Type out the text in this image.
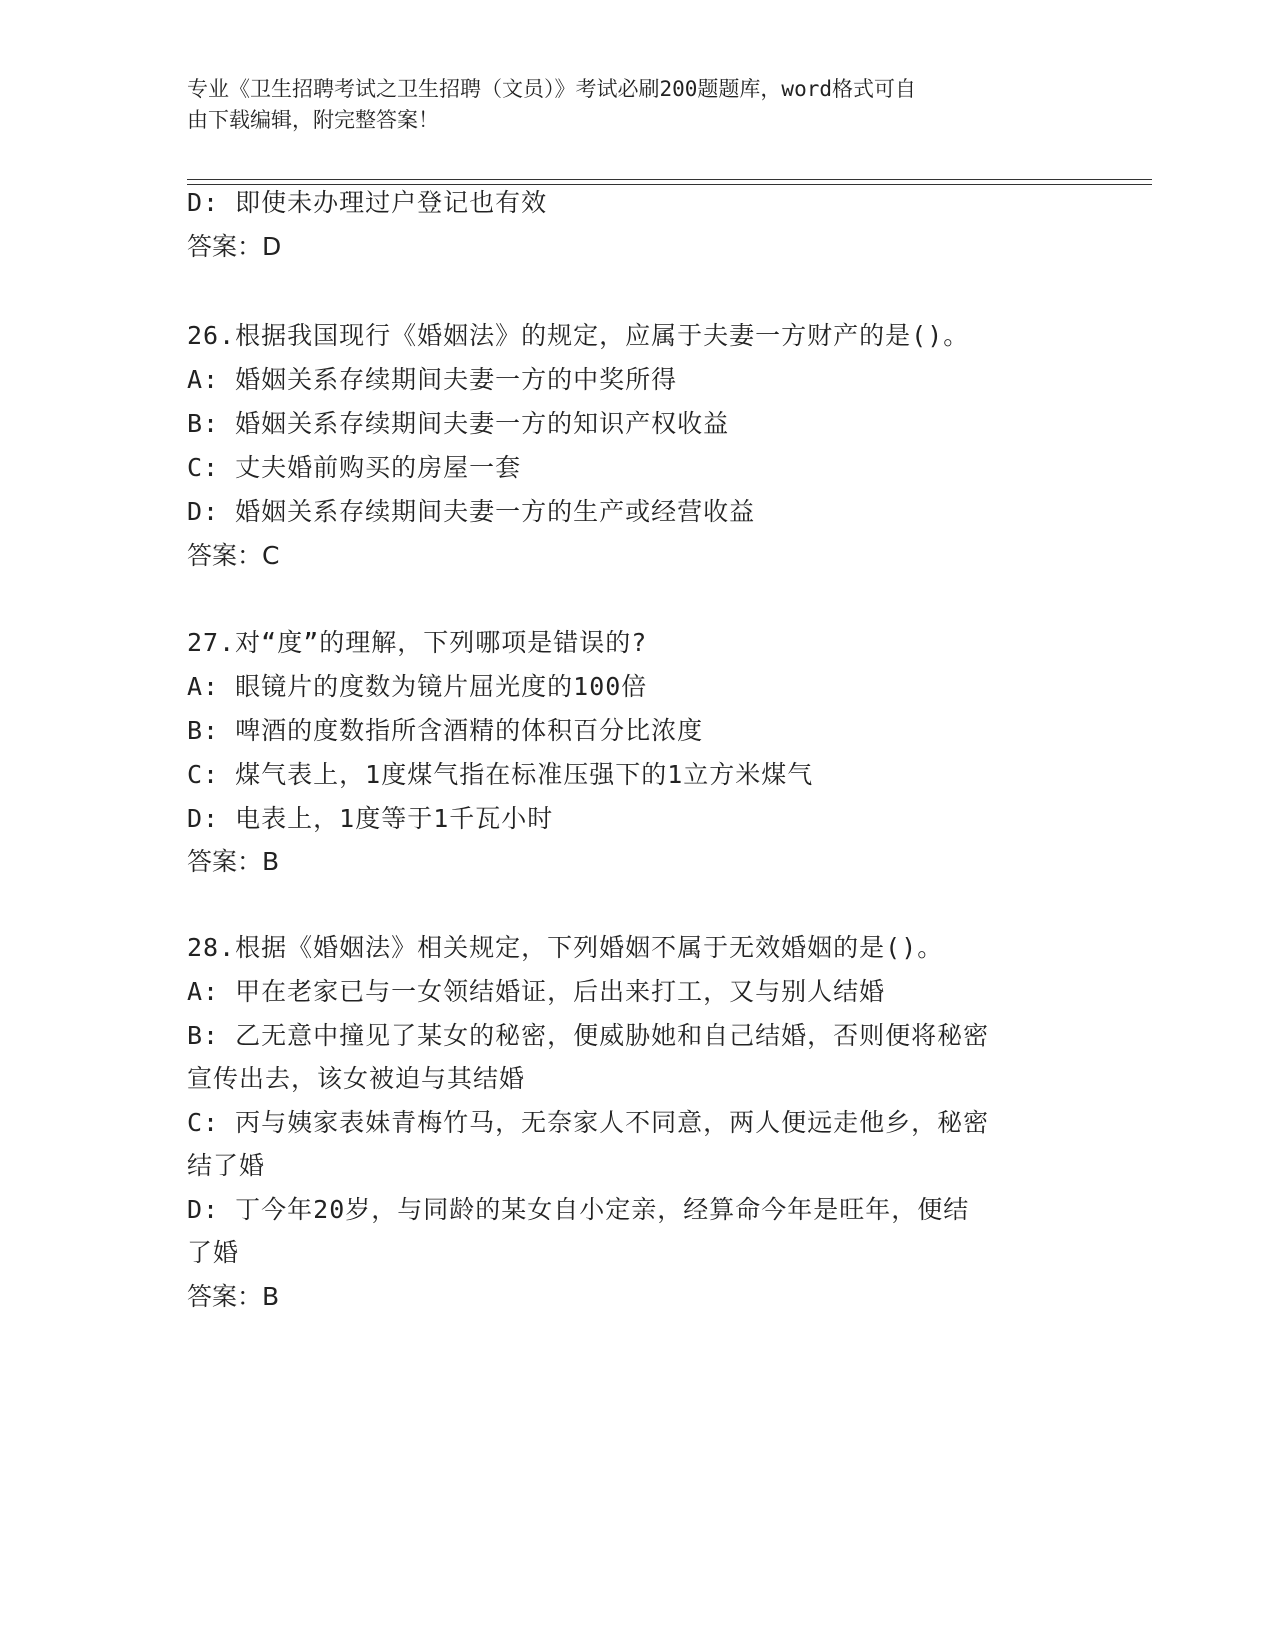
专业《卫生招聘考试之卫生招聘（文员）》考试必刷200题题库，word格式可自
由下载编辑，附完整答案！
D: 即使未办理过户登记也有效
答案：D
26.根据我国现行《婚姻法》的规定，应属于夫妻一方财产的是()。
A: 婚姻关系存续期间夫妻一方的中奖所得
B: 婚姻关系存续期间夫妻一方的知识产权收益
C: 丈夫婚前购买的房屋一套
D: 婚姻关系存续期间夫妻一方的生产或经营收益
答案：C
27.对“度”的理解，下列哪项是错误的?
A: 眼镜片的度数为镜片屈光度的100倍
B: 啤酒的度数指所含酒精的体积百分比浓度
C: 煤气表上，1度煤气指在标准压强下的1立方米煤气
D: 电表上，1度等于1千瓦小时
答案：B
28.根据《婚姻法》相关规定，下列婚姻不属于无效婚姻的是()。
A: 甲在老家已与一女领结婚证，后出来打工，又与别人结婚
B: 乙无意中撞见了某女的秘密，便威胁她和自己结婚，否则便将秘密
宣传出去，该女被迫与其结婚
C: 丙与姨家表妹青梅竹马，无奈家人不同意，两人便远走他乡，秘密
结了婚
D: 丁今年20岁，与同龄的某女自小定亲，经算命今年是旺年，便结
了婚
答案：B
